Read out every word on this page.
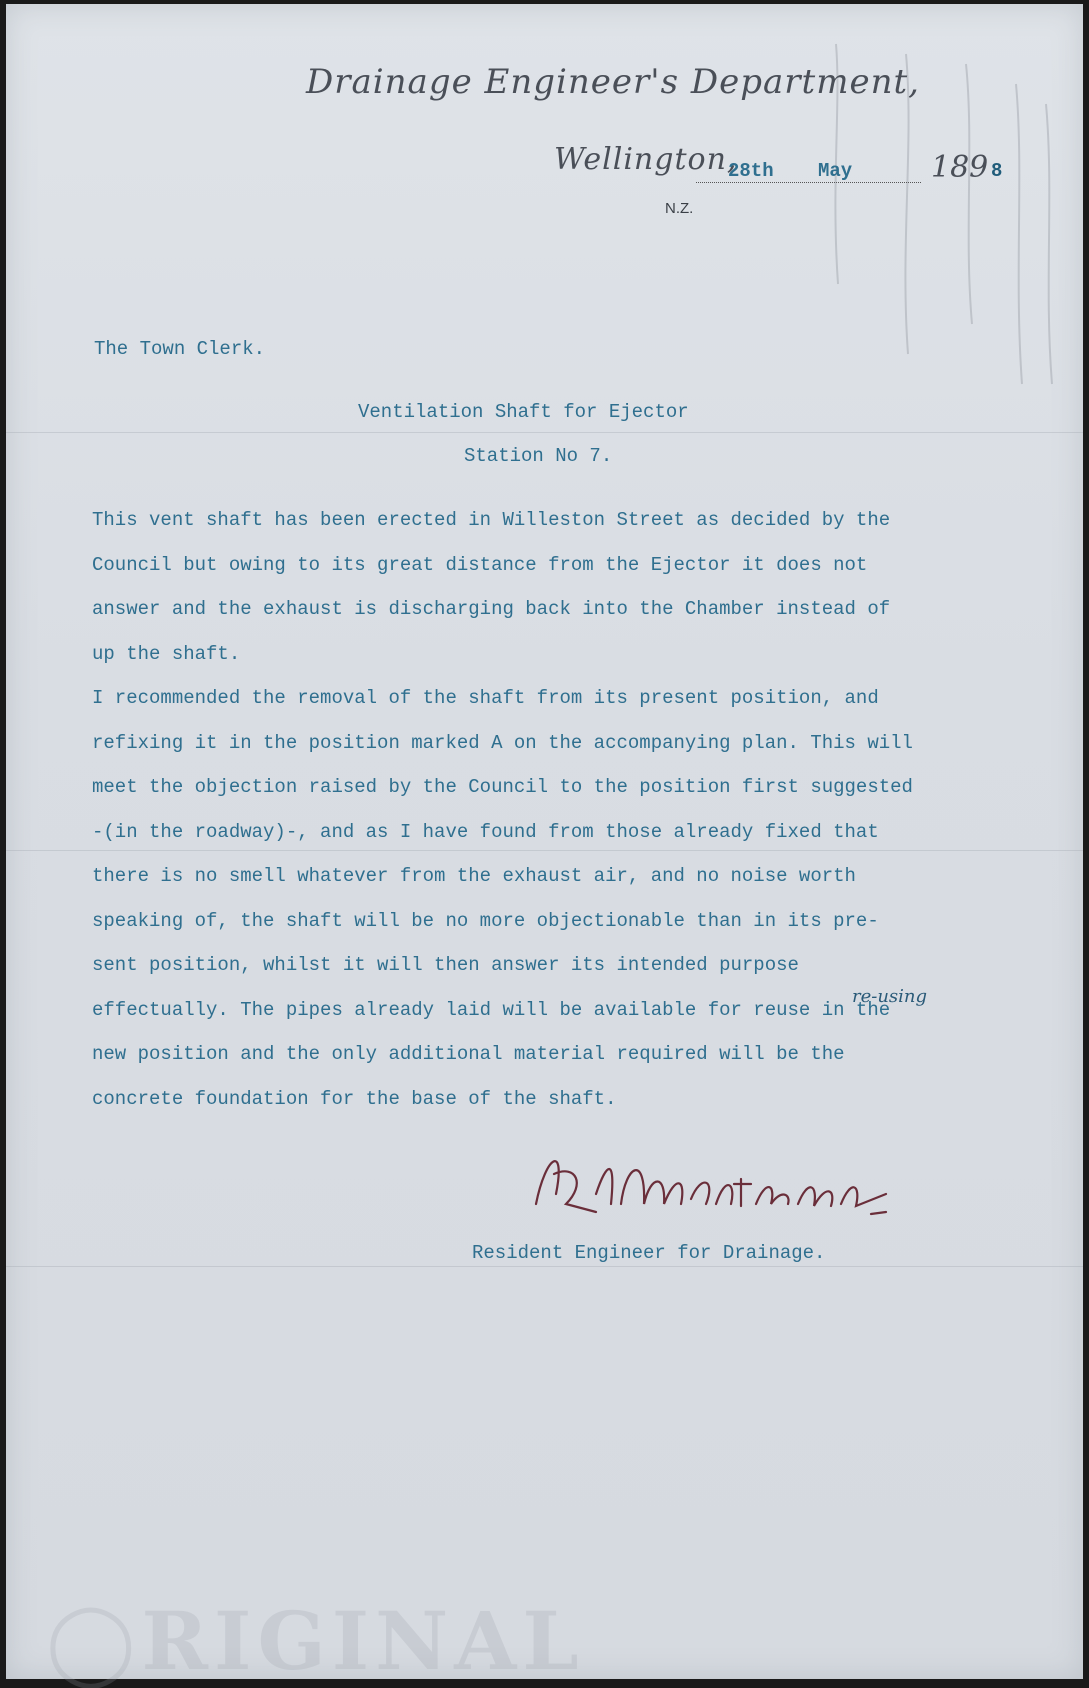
Drainage Engineer's Department,
Wellington,
28th May	189 8
N.Z.
The Town Clerk.
Ventilation Shaft for Ejector
Station No 7.
This vent shaft has been erected in Willeston Street as decided by the
Council but owing to its great distance from the Ejector it does not
answer and the exhaust is discharging back into the Chamber instead of
up the shaft.
I recommended the removal of the shaft from its present position, and
refixing it in the position marked A on the accompanying plan. This will
meet the objection raised by the Council to the position first suggested
-(in the roadway)-, and as I have found from those already fixed that
there is no smell whatever from the exhaust air, and no noise worth
speaking of, the shaft will be no more objectionable than in its pre-
sent position, whilst it will then answer its intended purpose
effectually. The pipes already laid will be available for reuse in the
new position and the only additional material required will be the
concrete foundation for the base of the shaft.
re-using
Resident Engineer for Drainage.
◯RIGINAL
